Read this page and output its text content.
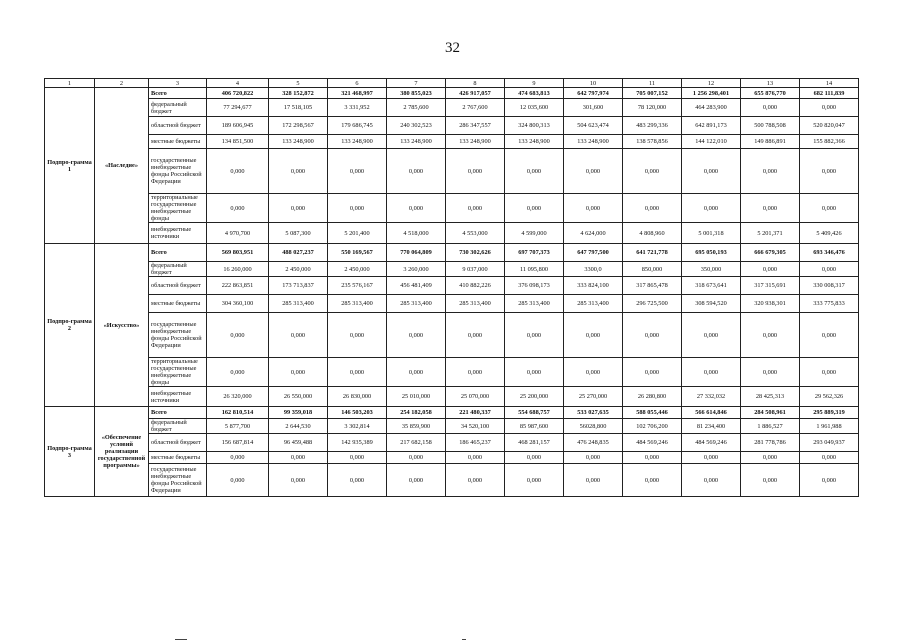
32
1	2	3	4	5	6	7	8	9	10	11	12	13	14
Подпро-грамма 1	«Наследие»	Всего	406 720,822	328 152,872	321 468,997	380 855,023	426 917,057	474 683,813	642 797,974	705 007,152	1 256 298,401	655 876,770	682 111,839
		федеральный бюджет	77 294,677	17 518,105	3 331,952	2 785,600	2 767,600	12 035,600	301,600	78 120,000	464 283,900	0,000	0,000
		областной бюджет	189 606,945	172 298,567	179 686,745	240 302,523	286 347,557	324 800,313	504 623,474	483 299,336	642 891,173	500 788,508	520 820,047
		местные бюджеты	134 851,500	133 248,900	133 248,900	133 248,900	133 248,900	133 248,900	133 248,900	138 578,856	144 122,010	149 886,891	155 882,366
		государственные внебюджетные фонды Российской Федерации	0,000	0,000	0,000	0,000	0,000	0,000	0,000	0,000	0,000	0,000	0,000
		территориальные государственные внебюджетные фонды	0,000	0,000	0,000	0,000	0,000	0,000	0,000	0,000	0,000	0,000	0,000
		внебюджетные источники	4 970,700	5 087,300	5 201,400	4 518,000	4 553,000	4 599,000	4 624,000	4 808,960	5 001,318	5 201,371	5 409,426
Подпро-грамма 2	«Искусство»	Всего	569 803,951	488 027,237	550 169,567	770 064,809	730 302,626	697 707,373	647 797,500	641 721,778	695 050,193	666 679,305	693 346,476
		федеральный бюджет	16 260,000	2 450,000	2 450,000	3 260,000	9 037,000	11 095,800	3300,0	850,000	350,000	0,000	0,000
		областной бюджет	222 863,851	173 713,837	235 576,167	456 481,409	410 882,226	376 098,173	333 824,100	317 865,478	318 673,641	317 315,691	330 008,317
		местные бюджеты	304 360,100	285 313,400	285 313,400	285 313,400	285 313,400	285 313,400	285 313,400	296 725,500	308 594,520	320 938,301	333 775,833
		государственные внебюджетные фонды Российской Федерации	0,000	0,000	0,000	0,000	0,000	0,000	0,000	0,000	0,000	0,000	0,000
		территориальные государственные внебюджетные фонды	0,000	0,000	0,000	0,000	0,000	0,000	0,000	0,000	0,000	0,000	0,000
		внебюджетные источники	26 320,000	26 550,000	26 830,000	25 010,000	25 070,000	25 200,000	25 270,000	26 280,800	27 332,032	28 425,313	29 562,326
Подпро-грамма 3	«Обеспечение условий реализации государственной программы»	Всего	162 810,514	99 359,018	146 503,203	254 182,058	221 480,337	554 688,757	533 027,635	588 055,446	566 614,846	284 508,961	295 889,319
		федеральный бюджет	5 877,700	2 644,530	3 302,814	35 859,900	34 520,100	85 987,600	56028,800	102 706,200	81 234,400	1 886,527	1 961,988
		областной бюджет	156 687,814	96 459,488	142 935,389	217 682,158	186 465,237	468 281,157	476 248,835	484 569,246	484 569,246	281 778,786	293 049,937
		местные бюджеты	0,000	0,000	0,000	0,000	0,000	0,000	0,000	0,000	0,000	0,000	0,000
		государственные внебюджетные фонды Российской Федерации	0,000	0,000	0,000	0,000	0,000	0,000	0,000	0,000	0,000	0,000	0,000
